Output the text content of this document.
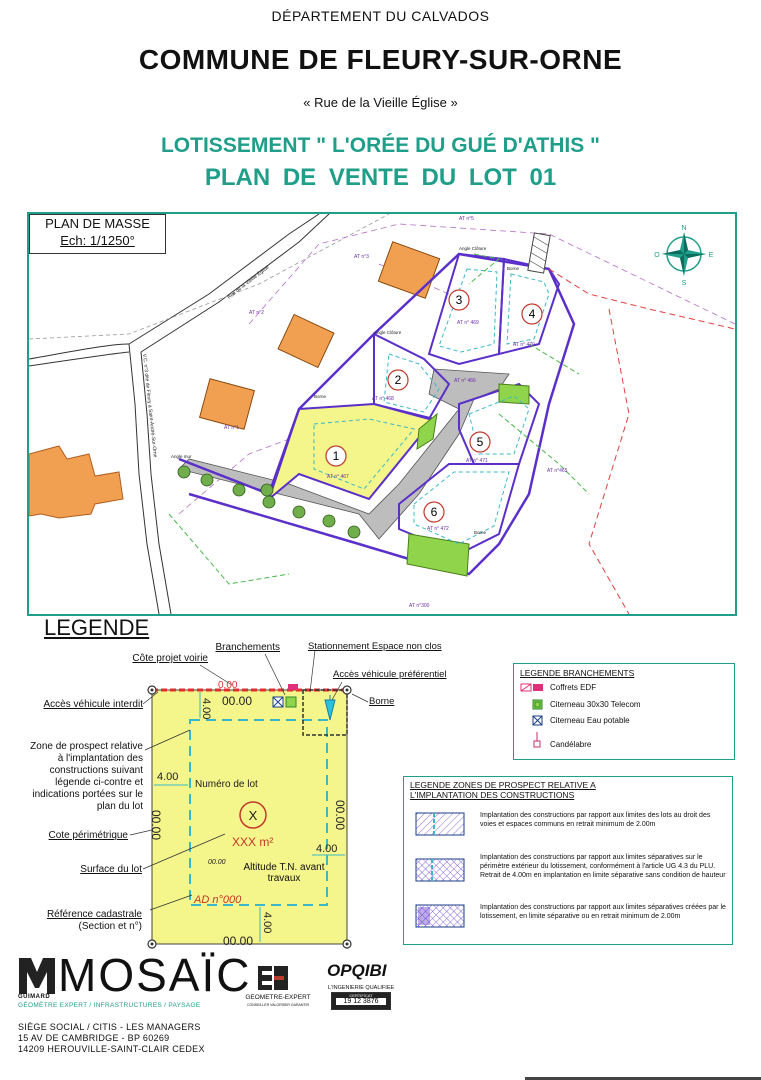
DÉPARTEMENT DU CALVADOS
COMMUNE DE FLEURY-SUR-ORNE
« Rue de la Vieille Église »
LOTISSEMENT " L'ORÉE DU GUÉ D'ATHIS "
PLAN DE VENTE DU LOT 01
PLAN DE MASSE
Ech: 1/1250°
AT n°3
AT n°2
AT n°1
AT n°465
AT n°300
AT n°5
AT n° 466
AT n° 467
AT n° 468
AT n° 469
AT n° 470
AT n° 471
AT n° 472
Angle Clôture
Angle Clôture
Angle mur
Borne
Borne
Borne
Rue de la Vieille Église
V.C. n°3 dite de Fleury à Saint-André-Sur-Orne	1
2
3
4
5
6
N
S
E
O
LEGENDE
00.00
00.00
00.00	00.00
4.00
4.00
4.00
4.00
0.00
X
Numéro de lot
XXX m²
00.00
AD n°000
Altitude T.N. avant travaux
Côte projet voirie
Branchements	Stationnement Espace non clos
Accès véhicule préférentiel
Accès véhicule interdit	Borne
Zone de prospect relative à l'implantation des constructions suivant légende ci-contre et indications portées sur le plan du lot
Cote périmétrique
Surface du lot
Référence cadastrale
(Section et n°)
LEGENDE BRANCHEMENTS
Coffrets EDF
Citerneau 30x30 Telecom
Citerneau Eau potable
Candélabre
LEGENDE ZONES DE PROSPECT RELATIVE A L'IMPLANTATION DES CONSTRUCTIONS
Implantation des constructions par rapport aux limites des lots au droit des voies et espaces communs en retrait minimum de 2.00m
Implantation des constructions par rapport aux limites séparatives sur le périmètre extérieur du lotissement, conformément à l'article UG 4.3 du PLU. Retrait de 4.00m en implantation en limite séparative sans condition de hauteur
Implantation des constructions par rapport aux limites séparatives créées par le lotissement, en limite séparative ou en retrait minimum de 2.00m
MOSAÏC
GUIMARD
GÉOMÈTRE EXPERT / INFRASTRUCTURES / PAYSAGE
GEOMETRE-EXPERT
CONSEILLER VALORISER GARANTIR
OPQIBI
L'INGENIERIE QUALIFIEE
CERTIFICAT
19 12 3876
SIÈGE SOCIAL / CITIS - LES MANAGERS
15 AV DE CAMBRIDGE - BP 60269
14209 HEROUVILLE-SAINT-CLAIR CEDEX
